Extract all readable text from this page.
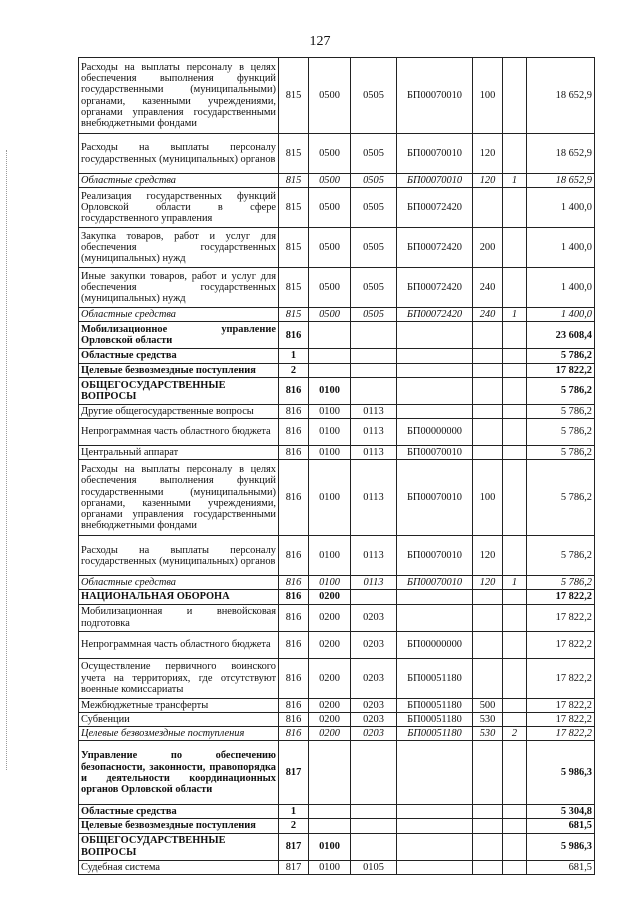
127
Расходы на выплаты персоналу в целях обеспечения выполнения функций государственными (муниципальными) органами, казенными учреждениями, органами управления государственными внебюджетными фондами	815	0500	0505	БП00070010	100		18 652,9
Расходы на выплаты персоналу государственных (муниципальных) органов	815	0500	0505	БП00070010	120		18 652,9
Областные средства	815	0500	0505	БП00070010	120	1	18 652,9
Реализация государственных функций Орловской области в сфере государственного управления	815	0500	0505	БП00072420			1 400,0
Закупка товаров, работ и услуг для обеспечения государственных (муниципальных) нужд	815	0500	0505	БП00072420	200		1 400,0
Иные закупки товаров, работ и услуг для обеспечения государственных (муниципальных) нужд	815	0500	0505	БП00072420	240		1 400,0
Областные средства	815	0500	0505	БП00072420	240	1	1 400,0
Мобилизационное управление Орловской области	816						23 608,4
Областные средства	1						5 786,2
Целевые безвозмездные поступления	2						17 822,2
ОБЩЕГОСУДАРСТВЕННЫЕ ВОПРОСЫ	816	0100					5 786,2
Другие общегосударственные вопросы	816	0100	0113				5 786,2
Непрограммная часть областного бюджета	816	0100	0113	БП00000000			5 786,2
Центральный аппарат	816	0100	0113	БП00070010			5 786,2
Расходы на выплаты персоналу в целях обеспечения выполнения функций государственными (муниципальными) органами, казенными учреждениями, органами управления государственными внебюджетными фондами	816	0100	0113	БП00070010	100		5 786,2
Расходы на выплаты персоналу государственных (муниципальных) органов	816	0100	0113	БП00070010	120		5 786,2
Областные средства	816	0100	0113	БП00070010	120	1	5 786,2
НАЦИОНАЛЬНАЯ ОБОРОНА	816	0200					17 822,2
Мобилизационная и вневойсковая подготовка	816	0200	0203				17 822,2
Непрограммная часть областного бюджета	816	0200	0203	БП00000000			17 822,2
Осуществление первичного воинского учета на территориях, где отсутствуют военные комиссариаты	816	0200	0203	БП00051180			17 822,2
Межбюджетные трансферты	816	0200	0203	БП00051180	500		17 822,2
Субвенции	816	0200	0203	БП00051180	530		17 822,2
Целевые безвозмездные поступления	816	0200	0203	БП00051180	530	2	17 822,2
Управление по обеспечению безопасности, законности, правопорядка и деятельности координационных органов Орловской области	817						5 986,3
Областные средства	1						5 304,8
Целевые безвозмездные поступления	2						681,5
ОБЩЕГОСУДАРСТВЕННЫЕ ВОПРОСЫ	817	0100					5 986,3
Судебная система	817	0100	0105				681,5
